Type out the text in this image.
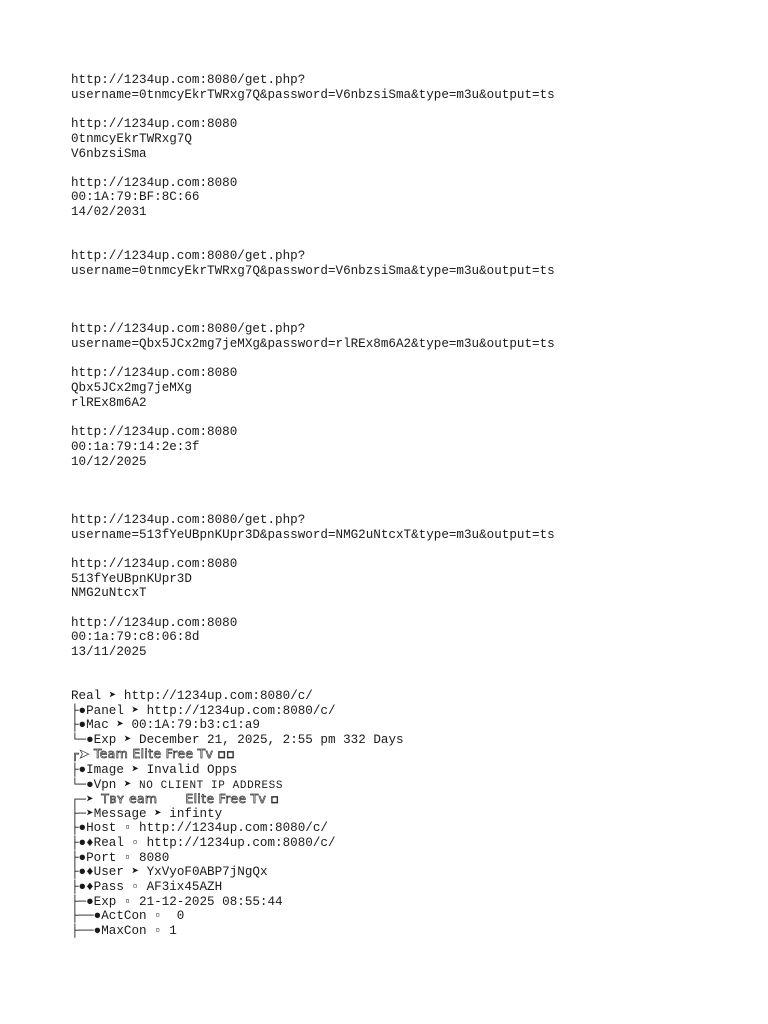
http://1234up.com:8080/get.php?
username=0tnmcyEkrTWRxg7Q&password=V6nbzsiSma&type=m3u&output=ts
http://1234up.com:8080
0tnmcyEkrTWRxg7Q
V6nbzsiSma
http://1234up.com:8080
00:1A:79:BF:8C:66
14/02/2031
http://1234up.com:8080/get.php?
username=0tnmcyEkrTWRxg7Q&password=V6nbzsiSma&type=m3u&output=ts
http://1234up.com:8080/get.php?
username=Qbx5JCx2mg7jeMXg&password=rlREx8m6A2&type=m3u&output=ts
http://1234up.com:8080
Qbx5JCx2mg7jeMXg
rlREx8m6A2
http://1234up.com:8080
00:1a:79:14:2e:3f
10/12/2025
http://1234up.com:8080/get.php?
username=513fYeUBpnKUpr3D&password=NMG2uNtcxT&type=m3u&output=ts
http://1234up.com:8080
513fYeUBpnKUpr3D
NMG2uNtcxT
http://1234up.com:8080
00:1a:79:c8:06:8d
13/11/2025
Real ➤ http://1234up.com:8080/c/
├●Panel ➤ http://1234up.com:8080/c/
├●Mac ➤ 00:1A:79:b3:c1:a9
└─●Exp ➤ December 21, 2025, 2:55 pm 332 Days
┌➤ Team Elite Free Tv ▫▫
├●Image ➤ Invalid Opps
└─●Vpn ➤ NO CLIENT IP ADDRESS
┌─➤ Tʙʏ eam Elite Free Tv ▫
├─➤Message ➤ infinty
├●Host ▫ http://1234up.com:8080/c/
├●♦Real ▫ http://1234up.com:8080/c/
├●Port ▫ 8080
├●♦User ➤ YxVyoF0ABP7jNgQx
├●♦Pass ▫ AF3ix45AZH
├─●Exp ▫ 21-12-2025 08:55:44
├──●ActCon ▫  0
├──●MaxCon ▫ 1
